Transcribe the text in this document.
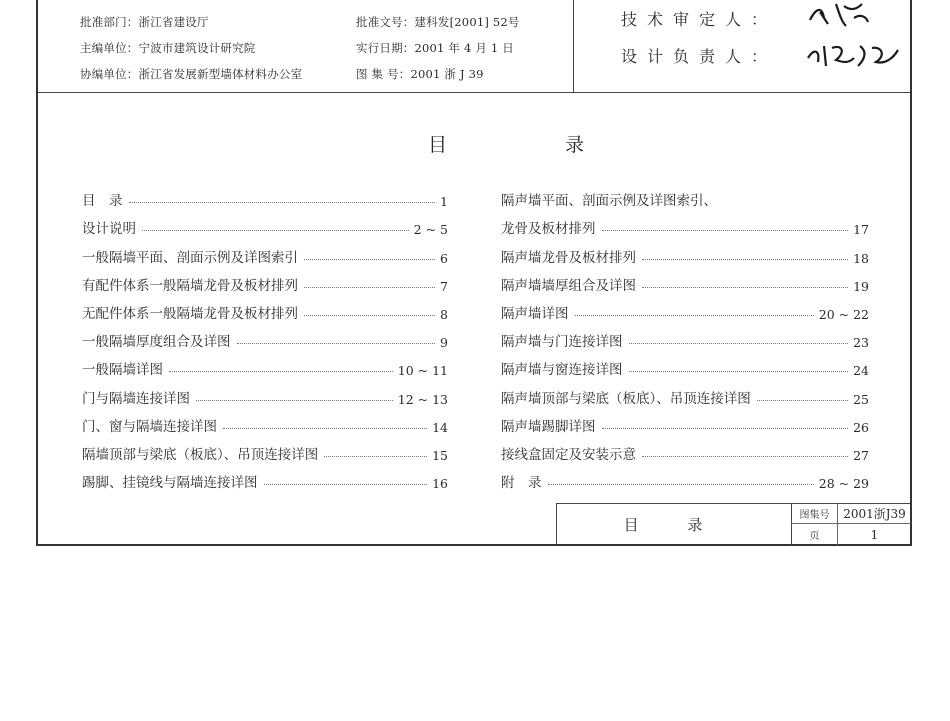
批准部门：浙江省建设厅
主编单位：宁波市建筑设计研究院
协编单位：浙江省发展新型墙体材料办公室
批准文号：建科发[2001] 52号
实行日期：2001 年 4 月 1 日
图 集 号：2001 浙 J 39
技术审定人：
设计负责人：
目 录
目　录	1
设计说明	2 ~ 5
一般隔墙平面、剖面示例及详图索引	6
有配件体系一般隔墙龙骨及板材排列	7
无配件体系一般隔墙龙骨及板材排列	8
一般隔墙厚度组合及详图	9
一般隔墙详图	10 ~ 11
门与隔墙连接详图	12 ~ 13
门、窗与隔墙连接详图	14
隔墙顶部与梁底（板底）、吊顶连接详图	15
踢脚、挂镜线与隔墙连接详图	16
隔声墙平面、剖面示例及详图索引、
龙骨及板材排列	17
隔声墙龙骨及板材排列	18
隔声墙墙厚组合及详图	19
隔声墙详图	20 ~ 22
隔声墙与门连接详图	23
隔声墙与窗连接详图	24
隔声墙顶部与梁底（板底）、吊顶连接详图	25
隔声墙踢脚详图	26
接线盒固定及安装示意	27
附　录	28 ~ 29
目 录
图集号	2001浙J39
页	1
